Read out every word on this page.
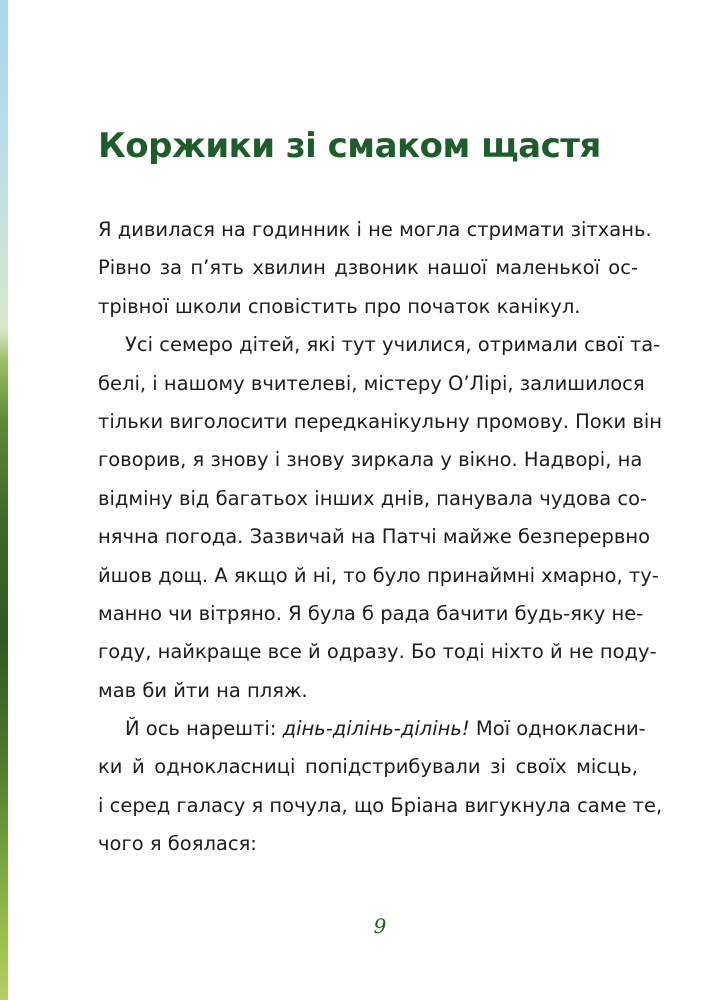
Коржики зі смаком щастя
Я дивилася на годинник і не могла стримати зітхань.
Рівно за п’ять хвилин дзвоник нашої маленької ос-
трівної школи сповістить про початок канікул.
Усі семеро дітей, які тут училися, отримали свої та-
белі, і нашому вчителеві, містеру О’Лірі, залишилося
тільки виголосити передканікульну промову. Поки він
говорив, я знову і знову зиркала у вікно. Надворі, на
відміну від багатьох інших днів, панувала чудова со-
нячна погода. Зазвичай на Патчі майже безперервно
йшов дощ. А якщо й ні, то було принаймні хмарно, ту-
манно чи вітряно. Я була б рада бачити будь-яку не-
году, найкраще все й одразу. Бо тоді ніхто й не поду-
мав би йти на пляж.
Й ось нарешті: дінь-ділінь-ділінь! Мої однокласни-
ки й однокласниці попідстрибували зі своїх місць,
і серед галасу я почула, що Бріана вигукнула саме те,
чого я боялася:
9
